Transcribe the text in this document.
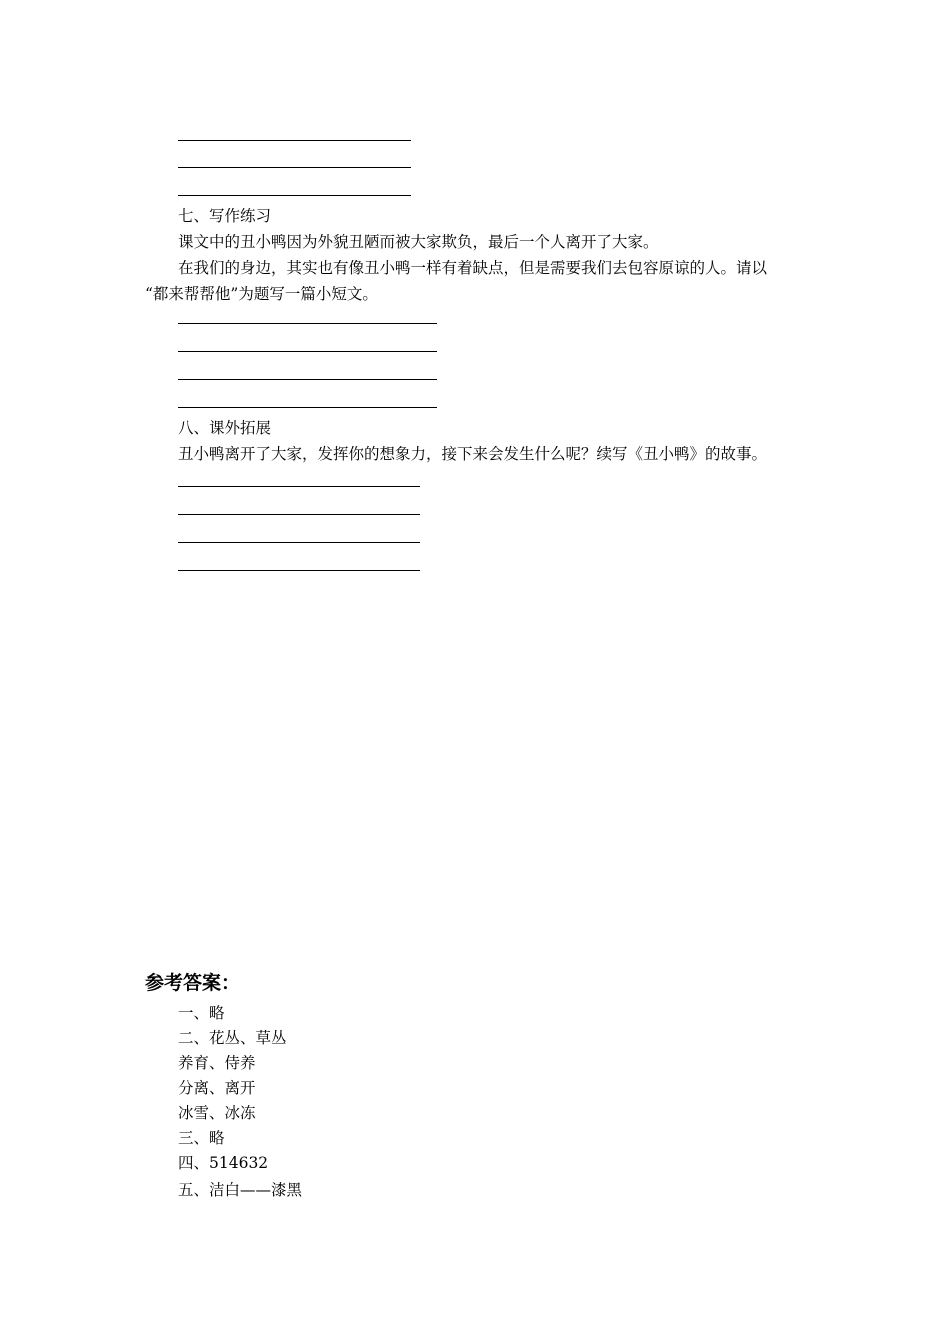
七、写作练习
课文中的丑小鸭因为外貌丑陋而被大家欺负，最后一个人离开了大家。
在我们的身边，其实也有像丑小鸭一样有着缺点，但是需要我们去包容原谅的人。请以
“都来帮帮他”为题写一篇小短文。
八、课外拓展
丑小鸭离开了大家，发挥你的想象力，接下来会发生什么呢？续写《丑小鸭》的故事。
参考答案：
一、略
二、花丛、草丛
养育、侍养
分离、离开
冰雪、冰冻
三、略
四、514632
五、洁白——漆黑
